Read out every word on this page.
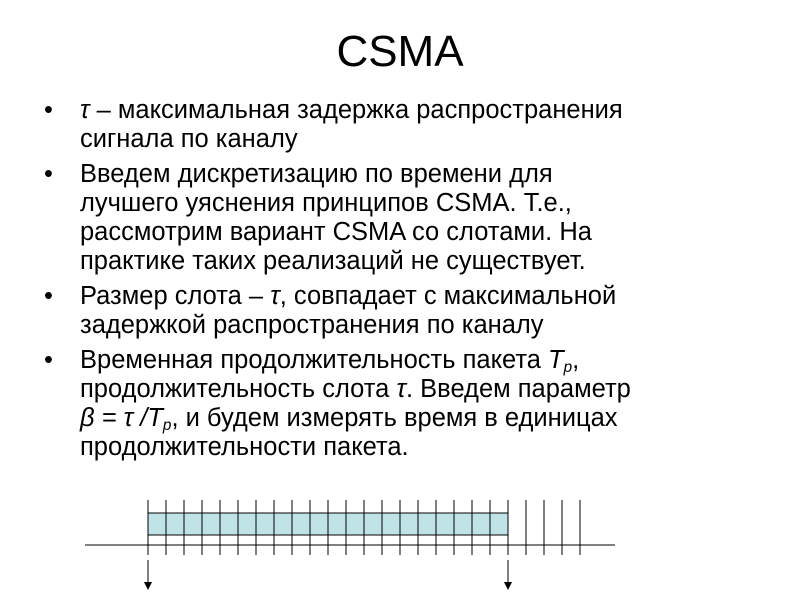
CSMA
•	τ – максимальная задержка распространения
сигнала по каналу
•	Введем дискретизацию по времени для
лучшего уяснения принципов CSMA. Т.е.,
рассмотрим вариант CSMA со слотами. На
практике таких реализаций не существует.
•	Размер слота – τ, совпадает с максимальной
задержкой распространения по каналу
•	Временная продолжительность пакета $T_p$,
продолжительность слота τ. Введем параметр
β = τ $/T_p$, и будем измерять время в единицах
продолжительности пакета.
